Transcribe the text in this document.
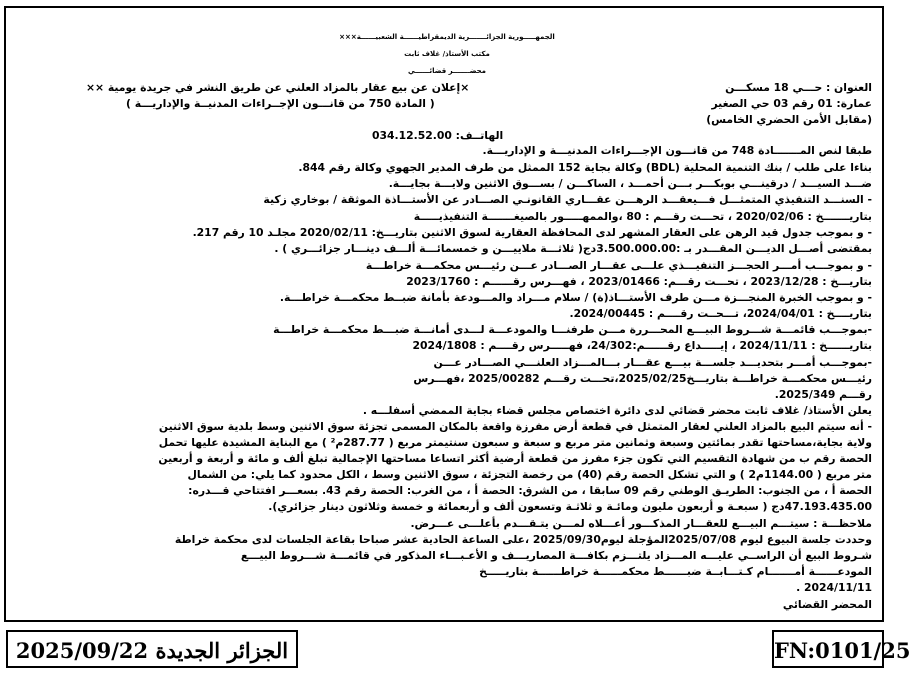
الجمهـــــورية الجزائـــــــرية الديمقراطيــــــة الشعبيــــــة×××
مكتب الأستاذ/ غلاف ثابت
محضـــــــر قضائــــــي
العنوان : حـــي 18 مسكـــن
×إعلان عن بيع عقار بالمزاد العلني عن طريق النشر في جريدة يومية ××
عمارة: 01 رقم 03 حي الصغير
( المادة 750 من قانـــون الإجــراءات المدنيــة والإداريـــة )
(مقابل الأمن الحضري الخامس)
الهاتــف: 034.12.52.00
طبقا لنص المـــــــادة 748 من قانـــون الإجـــراءات المدنيـــة و الإداريـــة.
بناءا على طلب / بنك التنمية المحلية (BDL) وكالة بجاية 152 الممثل من طرف المدير الجهوي وكالة رقم 844.
ضـــد السيـــد / درقينـــي بوبكـــر بـــن أحمـــد ، الساكـــن / بســـوق الاثنين ولايـــة بجايـــة.
- السنـــد التنفيذي المتمثـــل فـــيعقـــد الرهـــن عقـــاري القانونـي الصـــادر عن الأستـــاذة الموثقة / بوخاري زكية
بتاريـــــــخ : 2020/02/06 ، تحـــت رقـــم : 80 ،والممهـــــور بالصيغـــــــة التنفيذيـــــة
- و بموجب جدول قيد الرهن على العقار المشهر لدى المحافظة العقارية لسوق الاثنين بتاريـــخ: 2020/02/11 مجلـد 10 رقم 217.
بمقتضى أصـــل الديـــن المقـــدر بـ :3.500.000.00دج( ثلاثـــة ملاييـــن و خمسمائـــة ألـــف دينـــار جزائـــري ) .
- و بموجـــب أمـــر الحجـــز التنفيـــذي علـــى عقـــار الصـــادر عـــن رئيـــس محكمـــة خراطـــة
بتاريـــخ : 2023/12/28 ، تحـــت رقـــم: 2023/01466 ، فهـــرس رقــــــم : 2023/1760
- و بموجب الخبرة المنجـــزة مـــن طرف الأستـــاذ(ة) / سلام مـــراد والمـــودعة بأمانة ضبــط محكمـــة خراطـــة.
بتاريــــخ : 2024/04/01، تـــحــت رقــــم : 2024/00445.
-بموجـــب قائمـــة شـــروط البيـــع المحـــررة مـــن طرفنـــا والمودعـــة لـــدى أمانـــة ضبـــط محكمـــة خراطـــة
بتاريــــــخ : 2024/11/11 ، إيـــــداع رقــــــم:24/302، فهـــــرس رقــــم : 2024/1808
-بموجـــب أمـــر بتحديـــد جلســـة بيـــع عقـــار بـــالمـــزاد العلنـــي الصـــادر عـــن
رئيـــس محكمـــة خراطـــة بتاريـــخ2025/02/25،تحـــت رقـــم 2025/00282 ،فهـــرس
رقـــم 2025/349.
يعلن الأستاذ/ غلاف ثابت محضر قضائي لدى دائرة اختصاص مجلس قضاء بجاية الممضي أسفلـــه .
- أنه سيتم البيع بالمزاد العلني لعقار المتمثل في قطعة أرض مفرزة واقعة بالمكان المسمى تجزئة سوق الاثنين وسط بلدية سوق الاثنين
ولاية بجاية،مساحتها تقدر بمائتين وسبعة وثمانين متر مربع و سبعة و سبعون سنتيمتر مربع ( 287.77م² ) مع البناية المشيدة عليها تحمل
الحصة رقم ب من شهادة التقسيم التي تكون جزء مفرز من قطعة أرضية أكثر اتساعا مساحتها الإجمالية تبلغ ألف و مائة و أربعة و أربعين
متر مربع ( 1144.00م2 ) و التي تشكل الحصة رقم (40) من رخصة التجزئة ، سوق الاثنين وسط ، الكل محدود كما يلي: من الشمال
الحصة أ ، من الجنوب: الطريـق الوطني رقم 09 سابقا ، من الشرق: الحصة أ ، من الغرب: الحصة رقم 43. بسعـــر افتتاحي قـــدره:
47.193.435.00دج ( سبعـة و أربعون مليون ومائـة و ثلاثـة وتسعون ألف و أربعمائة و خمسة وثلاثون دينار جزائري).
ملاحظـــة : سيتـــم البيـــع للعقـــار المذكـــور أعـــلاه لمـــن يتـقـــدم بأعلـــى عـــرض.
وحددت جلسة البيوع ليوم 2025/07/08المؤجلة ليوم2025/09/30 ،على الساعة الحادية عشر صباحا بقاعة الجلسات لدى محكمة خراطة
شـروط البيع أن الراســي عليـــه المـــزاد يلتـــزم بكافـــة المصاريـــف و الأعـبـــاء المذكور في قائمـــة شـــروط البيـــع
المودعــــــة أمـــــــام كـتـــابــة ضبــــــط محكمــــــة خراطــــــة بتاريـــــخ
2024/11/11 .
المحضر القضائي
الجزائر الجديدة 2025/09/22	FN:0101/25
